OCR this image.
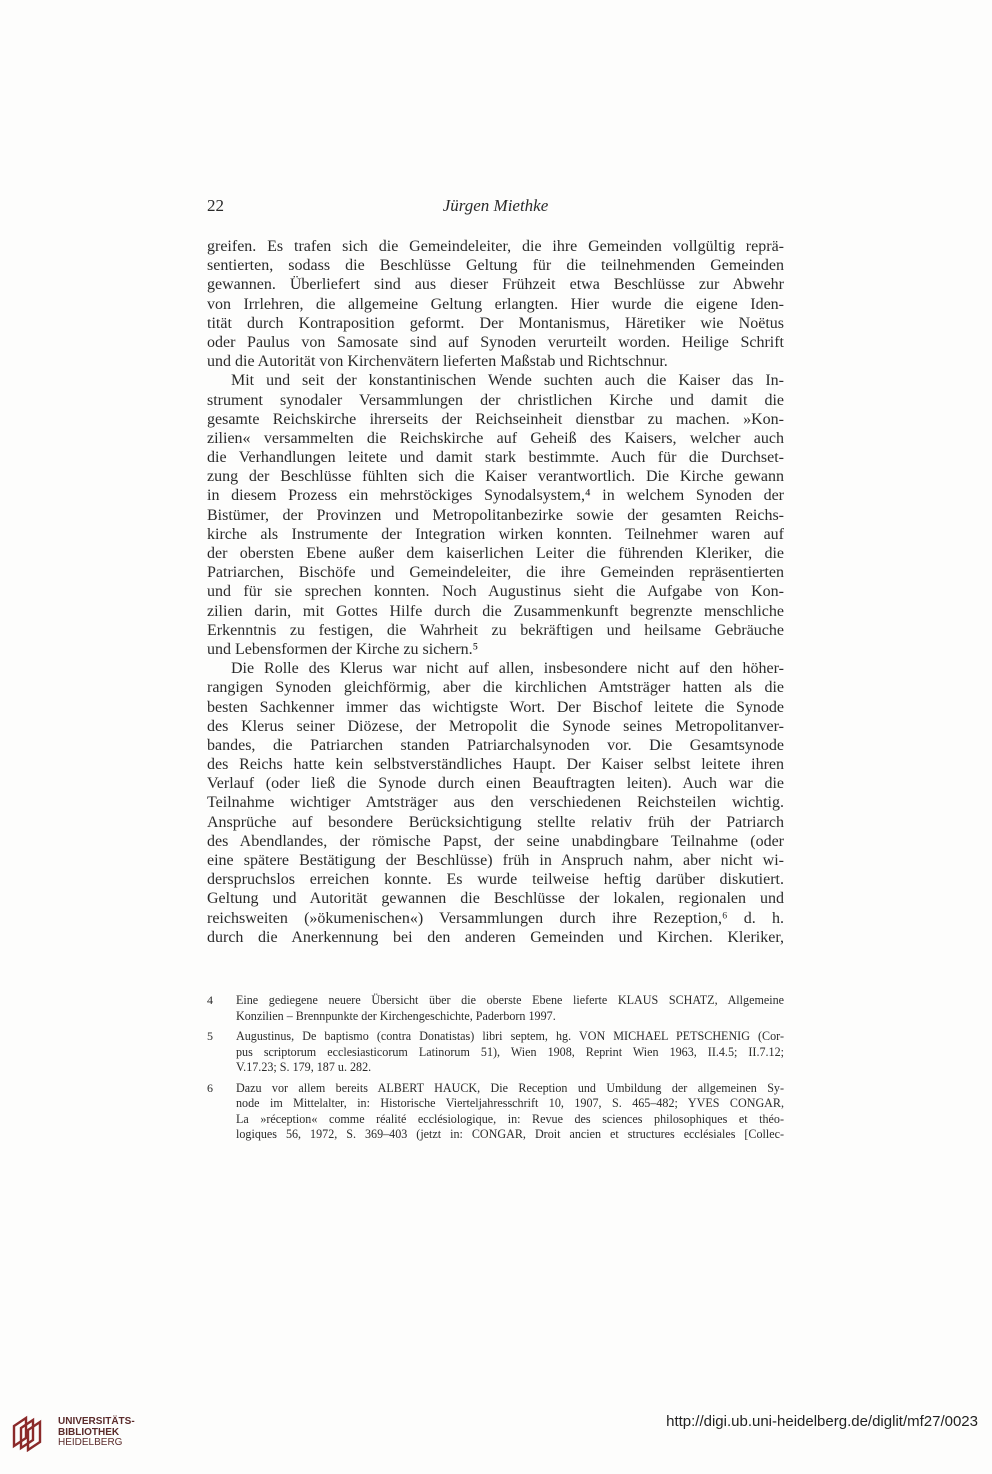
22	Jürgen Miethke
greifen. Es trafen sich die Gemeindeleiter, die ihre Gemeinden vollgültig reprä-
sentierten, sodass die Beschlüsse Geltung für die teilnehmenden Gemeinden
gewannen. Überliefert sind aus dieser Frühzeit etwa Beschlüsse zur Abwehr
von Irrlehren, die allgemeine Geltung erlangten. Hier wurde die eigene Iden-
tität durch Kontraposition geformt. Der Montanismus, Häretiker wie Noëtus
oder Paulus von Samosate sind auf Synoden verurteilt worden. Heilige Schrift
und die Autorität von Kirchenvätern lieferten Maßstab und Richtschnur.
Mit und seit der konstantinischen Wende suchten auch die Kaiser das In-
strument synodaler Versammlungen der christlichen Kirche und damit die
gesamte Reichskirche ihrerseits der Reichseinheit dienstbar zu machen. »Kon-
zilien« versammelten die Reichskirche auf Geheiß des Kaisers, welcher auch
die Verhandlungen leitete und damit stark bestimmte. Auch für die Durchset-
zung der Beschlüsse fühlten sich die Kaiser verantwortlich. Die Kirche gewann
in diesem Prozess ein mehrstöckiges Synodalsystem,⁴ in welchem Synoden der
Bistümer, der Provinzen und Metropolitanbezirke sowie der gesamten Reichs-
kirche als Instrumente der Integration wirken konnten. Teilnehmer waren auf
der obersten Ebene außer dem kaiserlichen Leiter die führenden Kleriker, die
Patriarchen, Bischöfe und Gemeindeleiter, die ihre Gemeinden repräsentierten
und für sie sprechen konnten. Noch Augustinus sieht die Aufgabe von Kon-
zilien darin, mit Gottes Hilfe durch die Zusammenkunft begrenzte menschliche
Erkenntnis zu festigen, die Wahrheit zu bekräftigen und heilsame Gebräuche
und Lebensformen der Kirche zu sichern.⁵
Die Rolle des Klerus war nicht auf allen, insbesondere nicht auf den höher-
rangigen Synoden gleichförmig, aber die kirchlichen Amtsträger hatten als die
besten Sachkenner immer das wichtigste Wort. Der Bischof leitete die Synode
des Klerus seiner Diözese, der Metropolit die Synode seines Metropolitanver-
bandes, die Patriarchen standen Patriarchalsynoden vor. Die Gesamtsynode
des Reichs hatte kein selbstverständliches Haupt. Der Kaiser selbst leitete ihren
Verlauf (oder ließ die Synode durch einen Beauftragten leiten). Auch war die
Teilnahme wichtiger Amtsträger aus den verschiedenen Reichsteilen wichtig.
Ansprüche auf besondere Berücksichtigung stellte relativ früh der Patriarch
des Abendlandes, der römische Papst, der seine unabdingbare Teilnahme (oder
eine spätere Bestätigung der Beschlüsse) früh in Anspruch nahm, aber nicht wi-
derspruchslos erreichen konnte. Es wurde teilweise heftig darüber diskutiert.
Geltung und Autorität gewannen die Beschlüsse der lokalen, regionalen und
reichsweiten (»ökumenischen«) Versammlungen durch ihre Rezeption,⁶ d. h.
durch die Anerkennung bei den anderen Gemeinden und Kirchen. Kleriker,
4 Eine gediegene neuere Übersicht über die oberste Ebene lieferte KLAUS SCHATZ, Allgemeine
Konzilien – Brennpunkte der Kirchengeschichte, Paderborn 1997.
5 Augustinus, De baptismo (contra Donatistas) libri septem, hg. VON MICHAEL PETSCHENIG (Cor-
pus scriptorum ecclesiasticorum Latinorum 51), Wien 1908, Reprint Wien 1963, II.4.5; II.7.12;
V.17.23; S. 179, 187 u. 282.
6 Dazu vor allem bereits ALBERT HAUCK, Die Reception und Umbildung der allgemeinen Sy-
node im Mittelalter, in: Historische Vierteljahresschrift 10, 1907, S. 465–482; YVES CONGAR,
La »réception« comme réalité ecclésiologique, in: Revue des sciences philosophiques et théo-
logiques 56, 1972, S. 369–403 (jetzt in: CONGAR, Droit ancien et structures ecclésiales [Collec-
UNIVERSITÄTS-
BIBLIOTHEK
HEIDELBERG
http://digi.ub.uni-heidelberg.de/diglit/mf27/0023
